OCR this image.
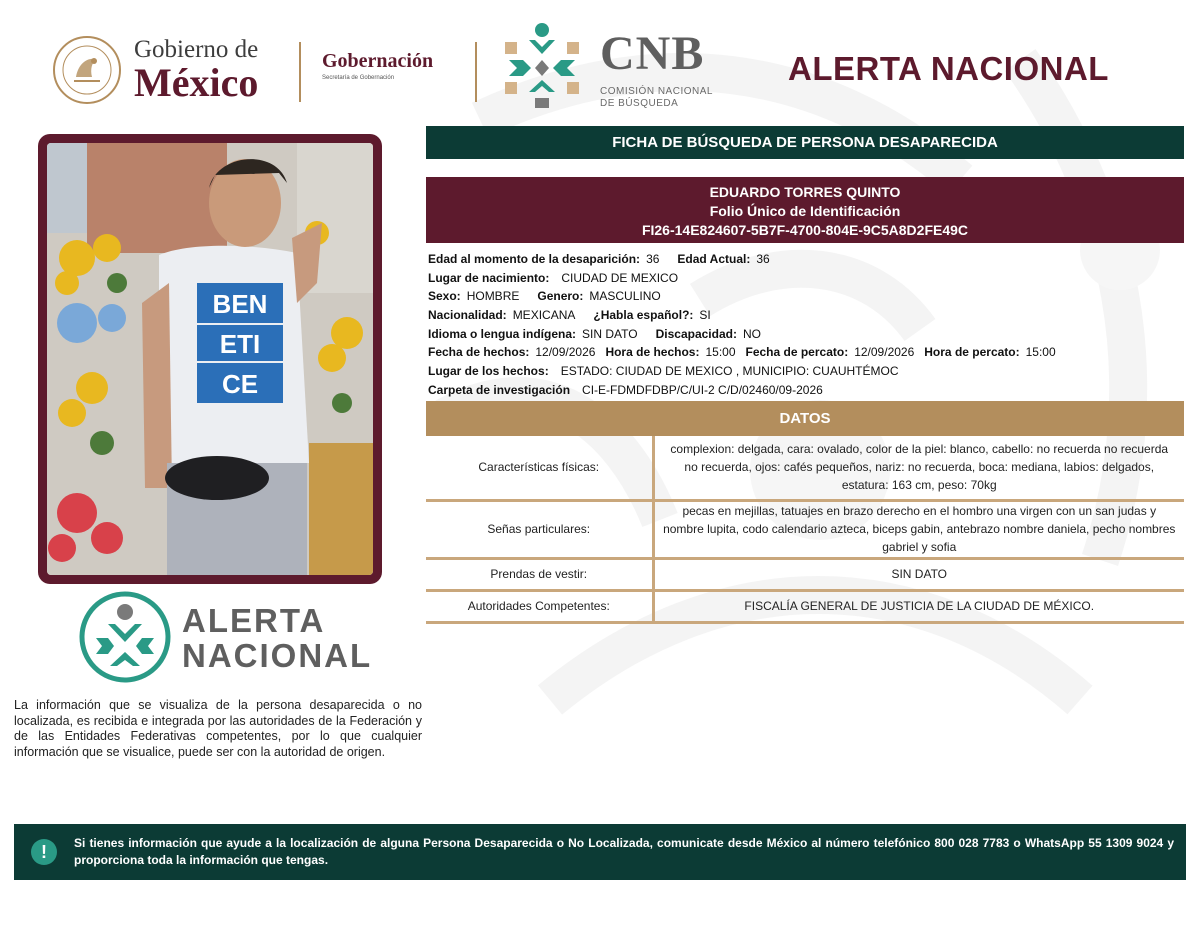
Gobierno de
México	Gobernación
Secretaría de Gobernación	CNB
COMISIÓN NACIONAL
DE BÚSQUEDA
ALERTA NACIONAL
BEN
ETI
CE
ALERTA
NACIONAL
La información que se visualiza de la persona desaparecida o no localizada, es recibida e integrada por las autoridades de la Federación y de las Entidades Federativas competentes, por lo que cualquier información que se visualice, puede ser con la autoridad de origen.
FICHA DE BÚSQUEDA DE PERSONA DESAPARECIDA
EDUARDO TORRES QUINTO
Folio Único de Identificación
FI26-14E824607-5B7F-4700-804E-9C5A8D2FE49C
Edad al momento de la desaparición: 36 Edad Actual: 36
Lugar de nacimiento: CIUDAD DE MEXICO
Sexo: HOMBRE Genero: MASCULINO
Nacionalidad: MEXICANA ¿Habla español?: SI
Idioma o lengua indígena: SIN DATO Discapacidad: NO
Fecha de hechos: 12/09/2026 Hora de hechos: 15:00 Fecha de percato: 12/09/2026 Hora de percato: 15:00
Lugar de los hechos: ESTADO: CIUDAD DE MEXICO , MUNICIPIO: CUAUHTÉMOC
Carpeta de investigación CI-E-FDMDFDBP/C/UI-2 C/D/02460/09-2026
DATOS
Características físicas:	complexion: delgada, cara: ovalado, color de la piel: blanco, cabello: no recuerda no recuerda no recuerda, ojos: cafés pequeños, nariz: no recuerda, boca: mediana, labios: delgados, estatura: 163 cm, peso: 70kg
Señas particulares:	pecas en mejillas, tatuajes en brazo derecho en el hombro una virgen con un san judas y nombre lupita, codo calendario azteca, biceps gabin, antebrazo nombre daniela, pecho nombres gabriel y sofia
Prendas de vestir:	SIN DATO
Autoridades Competentes:	FISCALÍA GENERAL DE JUSTICIA DE LA CIUDAD DE MÉXICO.
!	Si tienes información que ayude a la localización de alguna Persona Desaparecida o No Localizada, comunicate desde México al número telefónico 800 028 7783 o WhatsApp 55 1309 9024 y proporciona toda la información que tengas.
